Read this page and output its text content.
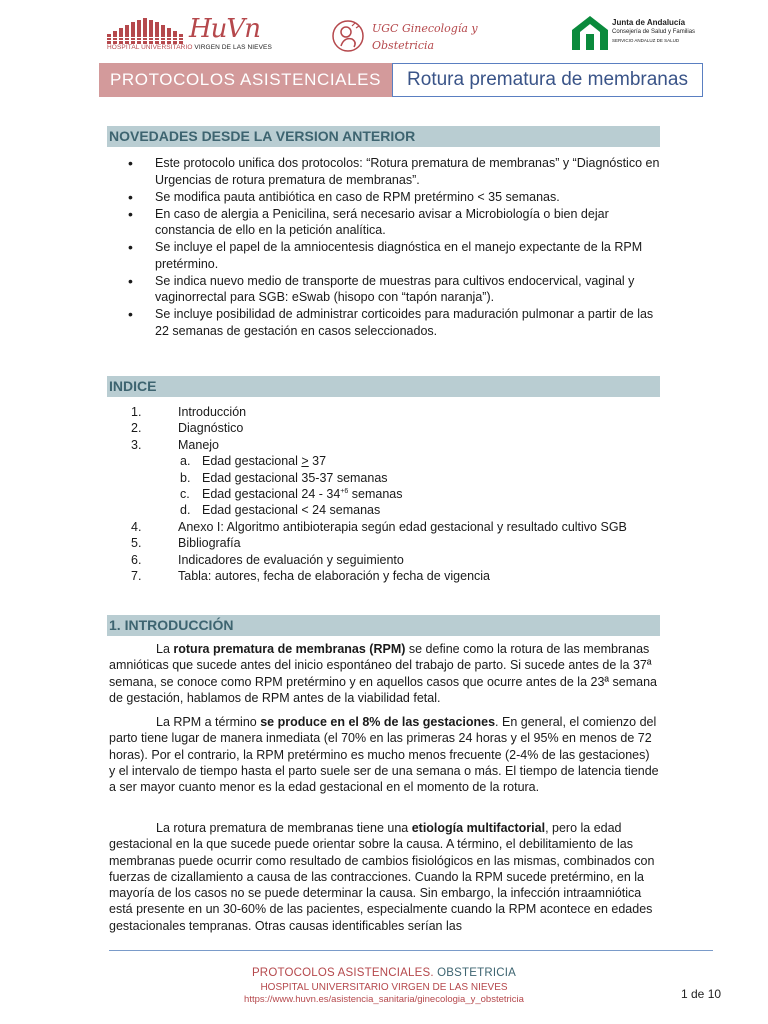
HuVn
HOSPITAL UNIVERSITARIO VIRGEN DE LAS NIEVES
UGC Ginecología y
Obstetricia
Junta de Andalucía
Consejería de Salud y Familias
SERVICIO ANDALUZ DE SALUD
PROTOCOLOS ASISTENCIALES	Rotura prematura de membranas
NOVEDADES DESDE LA VERSION ANTERIOR
• Este protocolo unifica dos protocolos: “Rotura prematura de membranas” y “Diagnóstico en Urgencias de rotura prematura de membranas”.
• Se modifica pauta antibiótica en caso de RPM pretérmino < 35 semanas.
• En caso de alergia a Penicilina, será necesario avisar a Microbiología o bien dejar constancia de ello en la petición analítica.
• Se incluye el papel de la amniocentesis diagnóstica en el manejo expectante de la RPM pretérmino.
• Se indica nuevo medio de transporte de muestras para cultivos endocervical, vaginal y vaginorrectal para SGB: eSwab (hisopo con “tapón naranja”).
• Se incluye posibilidad de administrar corticoides para maduración pulmonar a partir de las 22 semanas de gestación en casos seleccionados.
INDICE
1.	Introducción
2.	Diagnóstico
3.	Manejo
a. Edad gestacional > 37
b. Edad gestacional 35-37 semanas
c. Edad gestacional $24 - 34^{+6}$ semanas
d. Edad gestacional < 24 semanas
4.	Anexo I: Algoritmo antibioterapia según edad gestacional y resultado cultivo SGB
5.	Bibliografía
6.	Indicadores de evaluación y seguimiento
7.	Tabla: autores, fecha de elaboración y fecha de vigencia
1. INTRODUCCIÓN

La rotura prematura de membranas (RPM) se define como la rotura de las membranas amnióticas que sucede antes del inicio espontáneo del trabajo de parto. Si sucede antes de la 37ª semana, se conoce como RPM pretérmino y en aquellos casos que ocurre antes de la 23ª semana de gestación, hablamos de RPM antes de la viabilidad fetal.

La RPM a término se produce en el 8% de las gestaciones. En general, el comienzo del parto tiene lugar de manera inmediata (el 70% en las primeras 24 horas y el 95% en menos de 72 horas). Por el contrario, la RPM pretérmino es mucho menos frecuente (2-4% de las gestaciones) y el intervalo de tiempo hasta el parto suele ser de una semana o más. El tiempo de latencia tiende a ser mayor cuanto menor es la edad gestacional en el momento de la rotura.

La rotura prematura de membranas tiene una etiología multifactorial, pero la edad gestacional en la que sucede puede orientar sobre la causa. A término, el debilitamiento de las membranas puede ocurrir como resultado de cambios fisiológicos en las mismas, combinados con fuerzas de cizallamiento a causa de las contracciones. Cuando la RPM sucede pretérmino, en la mayoría de los casos no se puede determinar la causa. Sin embargo, la infección intraamniótica está presente en un 30-60% de las pacientes, especialmente cuando la RPM acontece en edades gestacionales tempranas. Otras causas identificables serían las

PROTOCOLOS ASISTENCIALES. OBSTETRICIA
HOSPITAL UNIVERSITARIO VIRGEN DE LAS NIEVES
https://www.huvn.es/asistencia_sanitaria/ginecologia_y_obstetricia	1 de 10
